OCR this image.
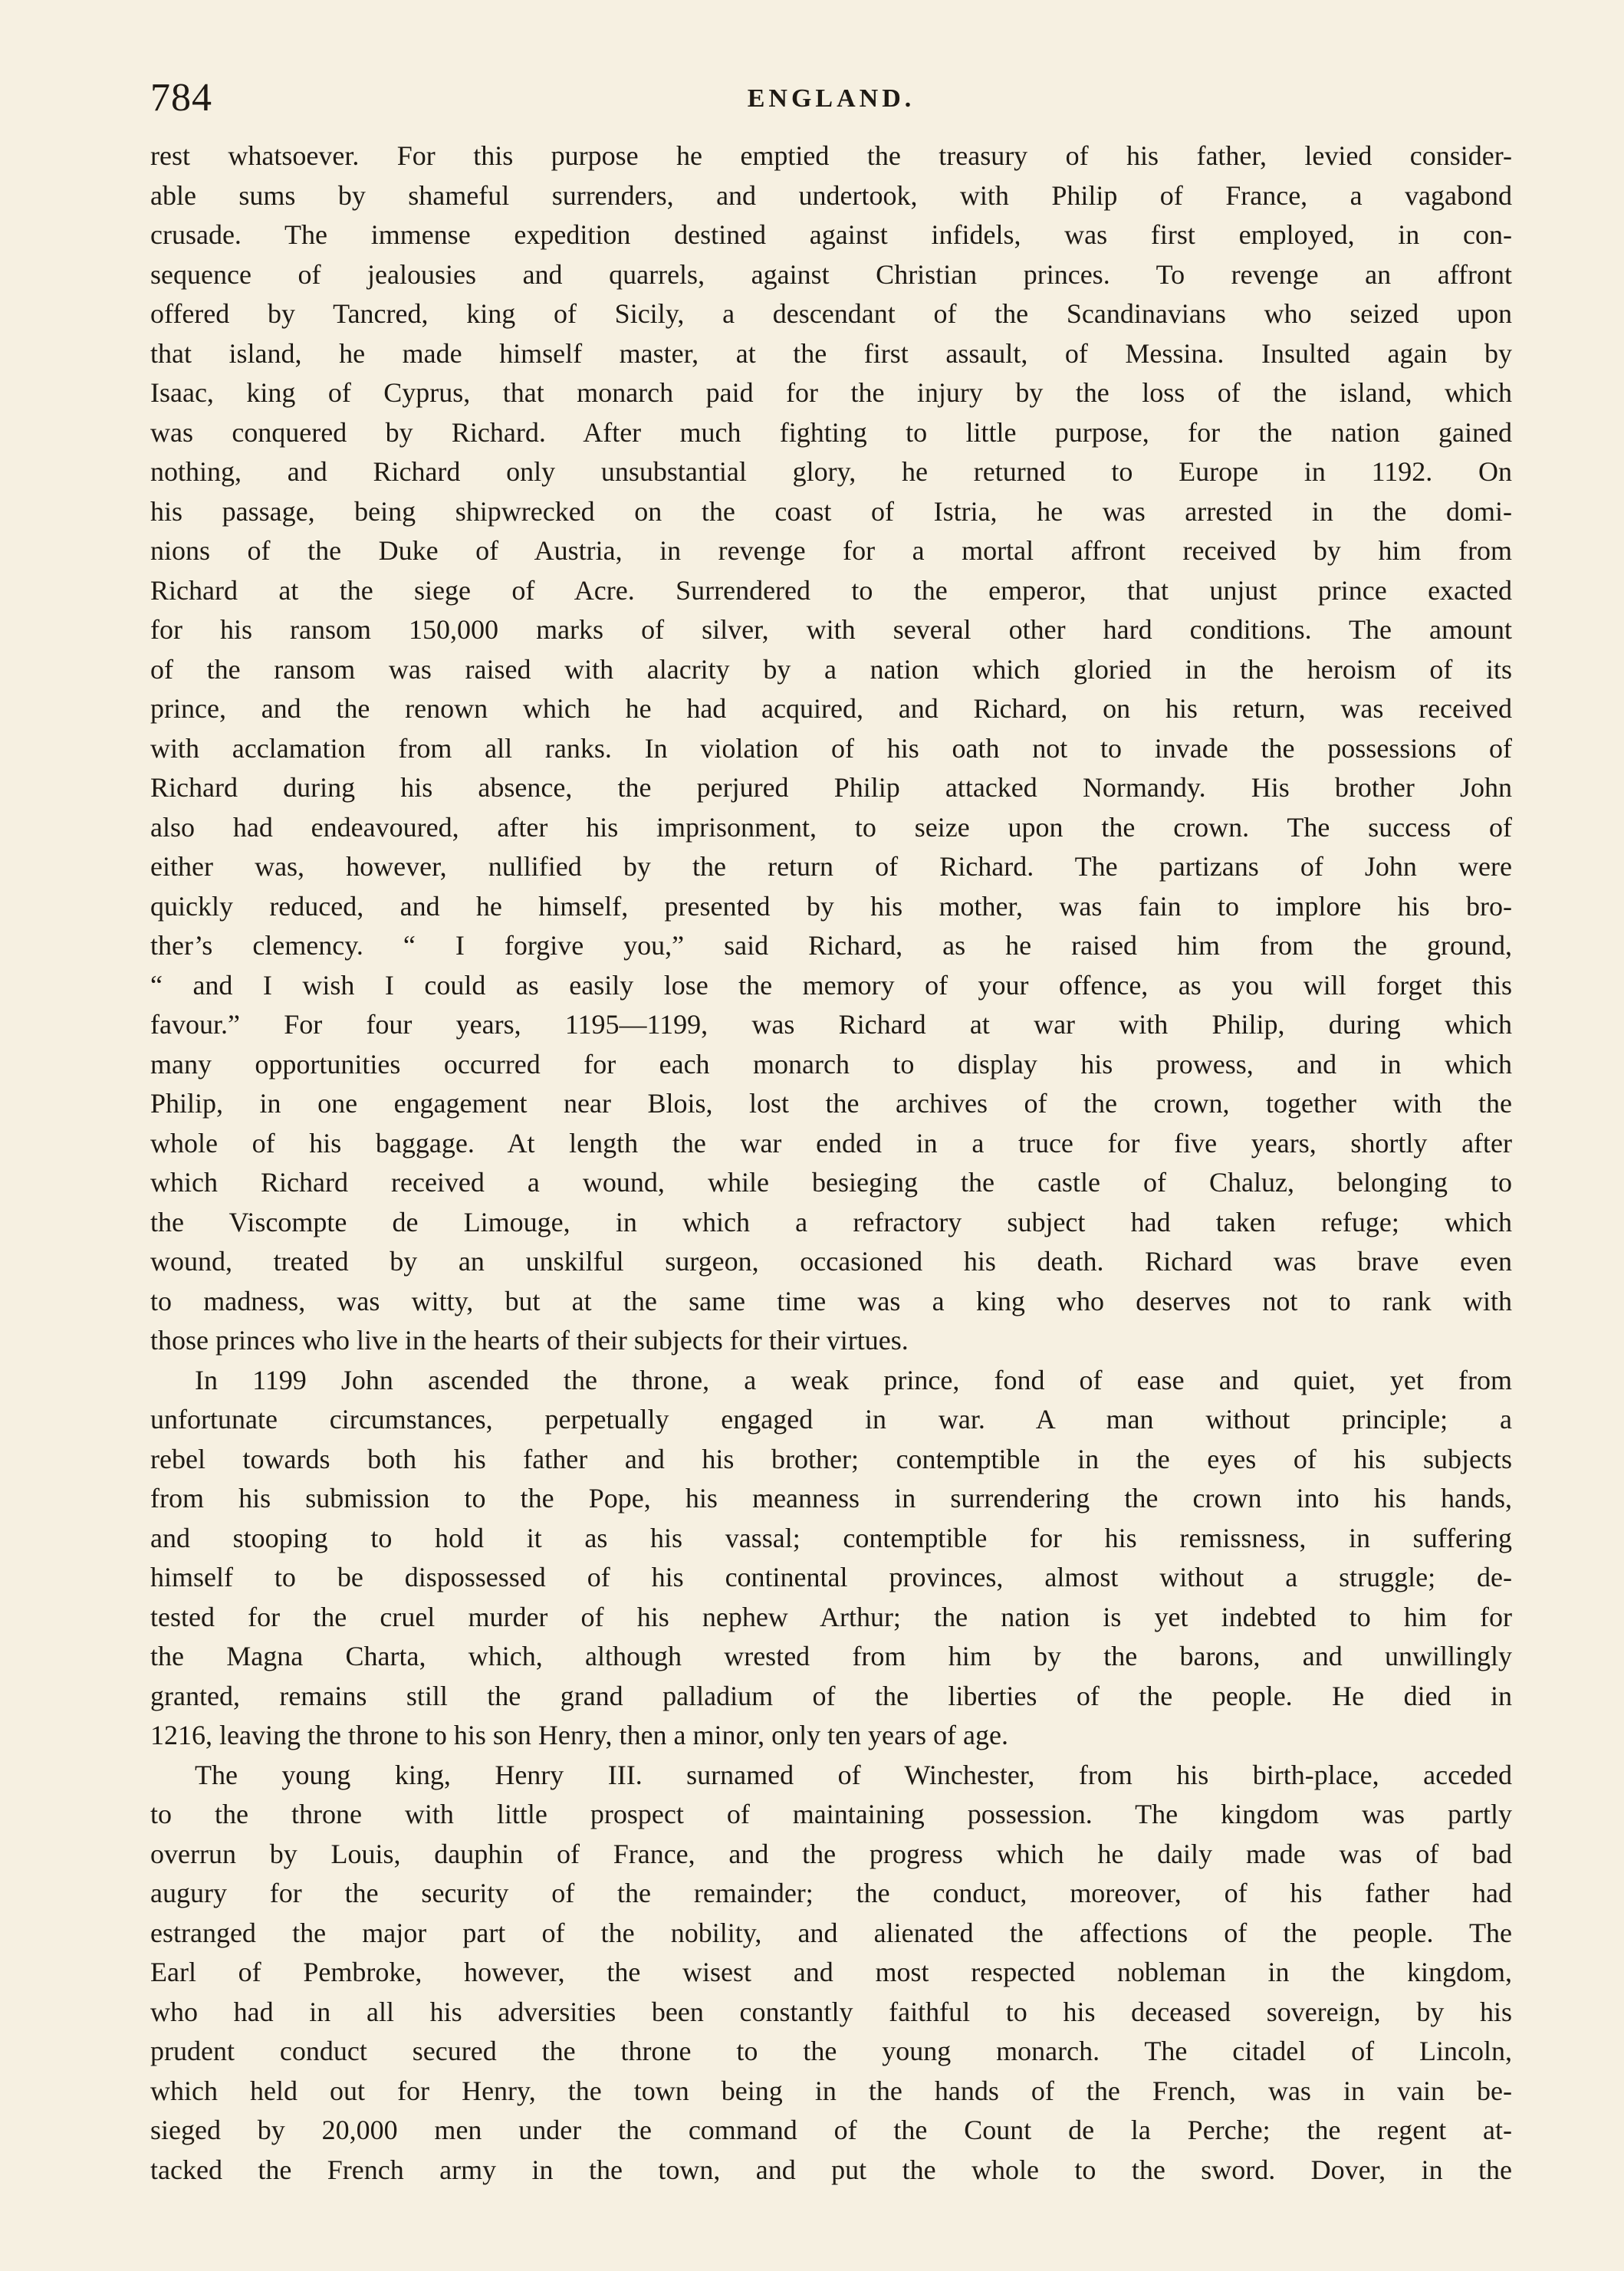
784	ENGLAND.
rest whatsoever. For this purpose he emptied the treasury of his father, levied consider-
able sums by shameful surrenders, and undertook, with Philip of France, a vagabond
crusade. The immense expedition destined against infidels, was first employed, in con-
sequence of jealousies and quarrels, against Christian princes. To revenge an affront
offered by Tancred, king of Sicily, a descendant of the Scandinavians who seized upon
that island, he made himself master, at the first assault, of Messina. Insulted again by
Isaac, king of Cyprus, that monarch paid for the injury by the loss of the island, which
was conquered by Richard. After much fighting to little purpose, for the nation gained
nothing, and Richard only unsubstantial glory, he returned to Europe in 1192. On
his passage, being shipwrecked on the coast of Istria, he was arrested in the domi-
nions of the Duke of Austria, in revenge for a mortal affront received by him from
Richard at the siege of Acre. Surrendered to the emperor, that unjust prince exacted
for his ransom 150,000 marks of silver, with several other hard conditions. The amount
of the ransom was raised with alacrity by a nation which gloried in the heroism of its
prince, and the renown which he had acquired, and Richard, on his return, was received
with acclamation from all ranks. In violation of his oath not to invade the possessions of
Richard during his absence, the perjured Philip attacked Normandy. His brother John
also had endeavoured, after his imprisonment, to seize upon the crown. The success of
either was, however, nullified by the return of Richard. The partizans of John were
quickly reduced, and he himself, presented by his mother, was fain to implore his bro-
ther’s clemency. “ I forgive you,” said Richard, as he raised him from the ground,
“ and I wish I could as easily lose the memory of your offence, as you will forget this
favour.” For four years, 1195—1199, was Richard at war with Philip, during which
many opportunities occurred for each monarch to display his prowess, and in which
Philip, in one engagement near Blois, lost the archives of the crown, together with the
whole of his baggage. At length the war ended in a truce for five years, shortly after
which Richard received a wound, while besieging the castle of Chaluz, belonging to
the Viscompte de Limouge, in which a refractory subject had taken refuge; which
wound, treated by an unskilful surgeon, occasioned his death. Richard was brave even
to madness, was witty, but at the same time was a king who deserves not to rank with
those princes who live in the hearts of their subjects for their virtues.
In 1199 John ascended the throne, a weak prince, fond of ease and quiet, yet from
unfortunate circumstances, perpetually engaged in war. A man without principle; a
rebel towards both his father and his brother; contemptible in the eyes of his subjects
from his submission to the Pope, his meanness in surrendering the crown into his hands,
and stooping to hold it as his vassal; contemptible for his remissness, in suffering
himself to be dispossessed of his continental provinces, almost without a struggle; de-
tested for the cruel murder of his nephew Arthur; the nation is yet indebted to him for
the Magna Charta, which, although wrested from him by the barons, and unwillingly
granted, remains still the grand palladium of the liberties of the people. He died in
1216, leaving the throne to his son Henry, then a minor, only ten years of age.
The young king, Henry III. surnamed of Winchester, from his birth-place, acceded
to the throne with little prospect of maintaining possession. The kingdom was partly
overrun by Louis, dauphin of France, and the progress which he daily made was of bad
augury for the security of the remainder; the conduct, moreover, of his father had
estranged the major part of the nobility, and alienated the affections of the people. The
Earl of Pembroke, however, the wisest and most respected nobleman in the kingdom,
who had in all his adversities been constantly faithful to his deceased sovereign, by his
prudent conduct secured the throne to the young monarch. The citadel of Lincoln,
which held out for Henry, the town being in the hands of the French, was in vain be-
sieged by 20,000 men under the command of the Count de la Perche; the regent at-
tacked the French army in the town, and put the whole to the sword. Dover, in the
